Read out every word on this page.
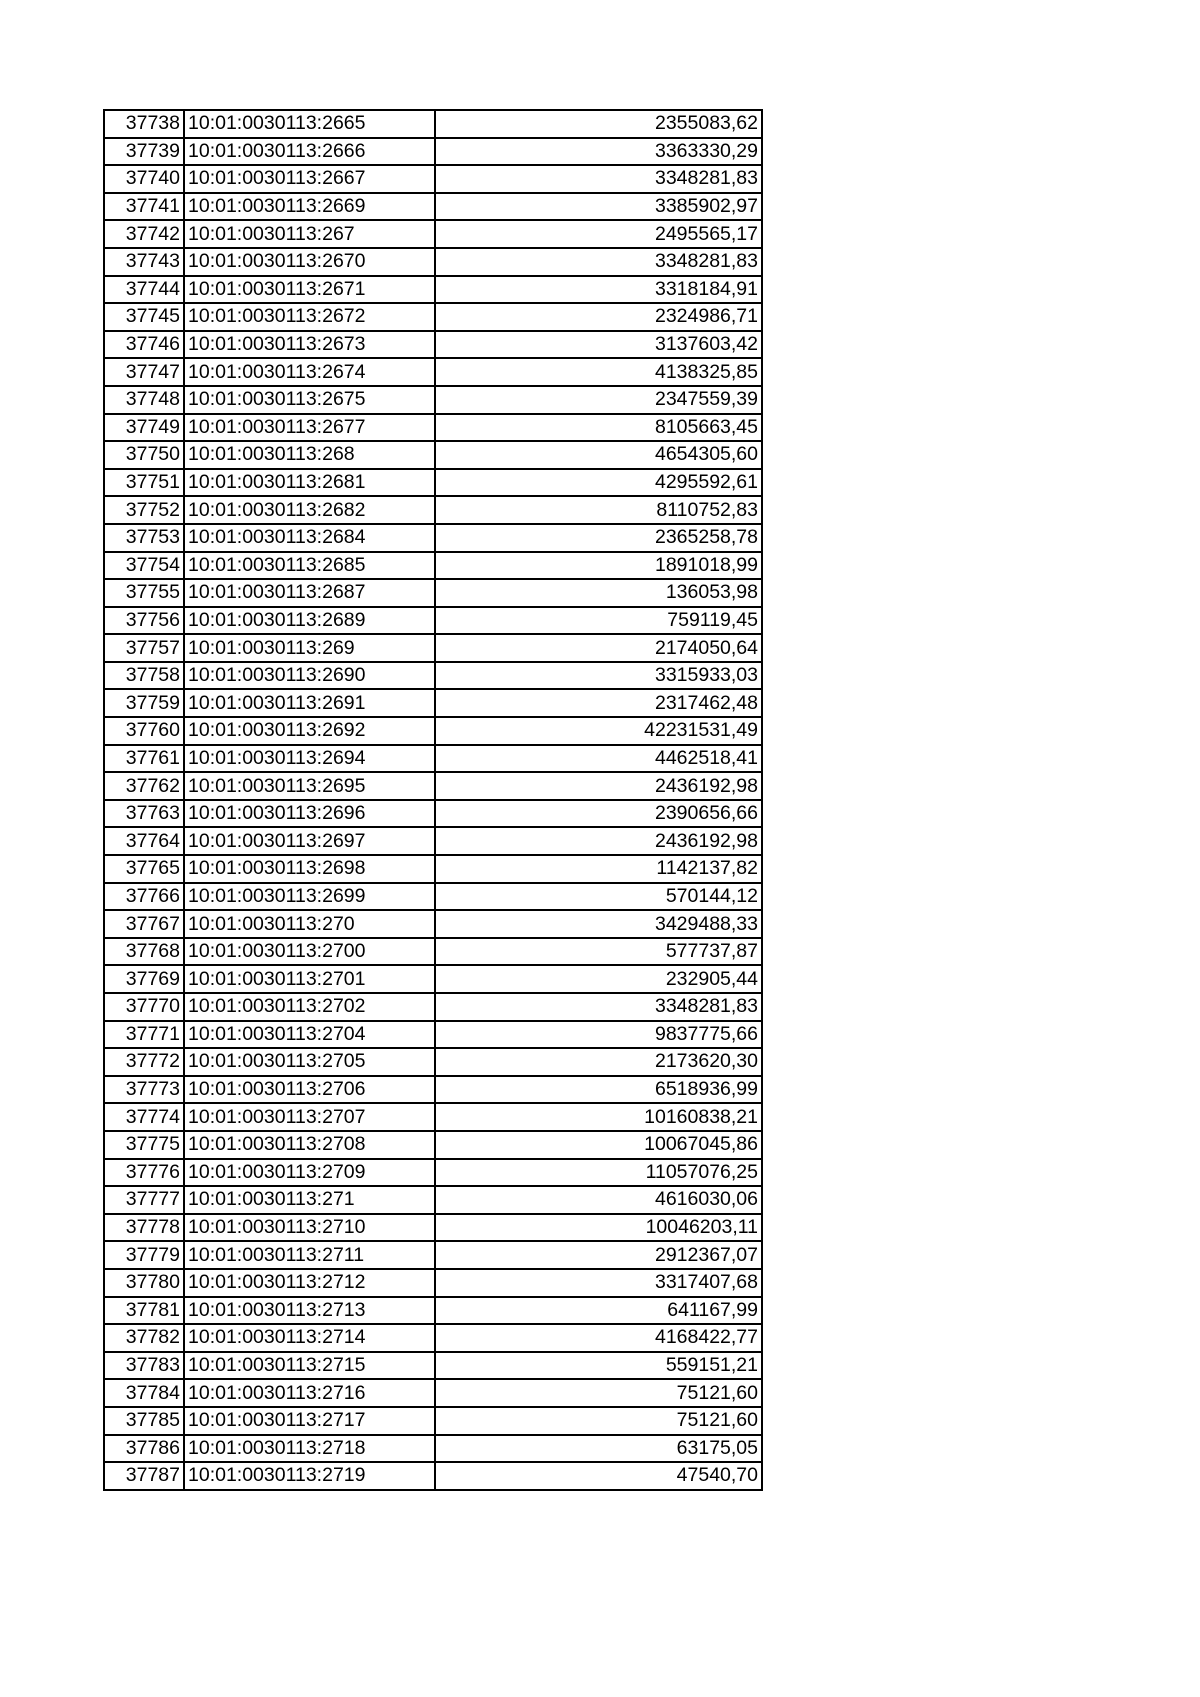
37738	10:01:0030113:2665	2355083,62
37739	10:01:0030113:2666	3363330,29
37740	10:01:0030113:2667	3348281,83
37741	10:01:0030113:2669	3385902,97
37742	10:01:0030113:267	2495565,17
37743	10:01:0030113:2670	3348281,83
37744	10:01:0030113:2671	3318184,91
37745	10:01:0030113:2672	2324986,71
37746	10:01:0030113:2673	3137603,42
37747	10:01:0030113:2674	4138325,85
37748	10:01:0030113:2675	2347559,39
37749	10:01:0030113:2677	8105663,45
37750	10:01:0030113:268	4654305,60
37751	10:01:0030113:2681	4295592,61
37752	10:01:0030113:2682	8110752,83
37753	10:01:0030113:2684	2365258,78
37754	10:01:0030113:2685	1891018,99
37755	10:01:0030113:2687	136053,98
37756	10:01:0030113:2689	759119,45
37757	10:01:0030113:269	2174050,64
37758	10:01:0030113:2690	3315933,03
37759	10:01:0030113:2691	2317462,48
37760	10:01:0030113:2692	42231531,49
37761	10:01:0030113:2694	4462518,41
37762	10:01:0030113:2695	2436192,98
37763	10:01:0030113:2696	2390656,66
37764	10:01:0030113:2697	2436192,98
37765	10:01:0030113:2698	1142137,82
37766	10:01:0030113:2699	570144,12
37767	10:01:0030113:270	3429488,33
37768	10:01:0030113:2700	577737,87
37769	10:01:0030113:2701	232905,44
37770	10:01:0030113:2702	3348281,83
37771	10:01:0030113:2704	9837775,66
37772	10:01:0030113:2705	2173620,30
37773	10:01:0030113:2706	6518936,99
37774	10:01:0030113:2707	10160838,21
37775	10:01:0030113:2708	10067045,86
37776	10:01:0030113:2709	11057076,25
37777	10:01:0030113:271	4616030,06
37778	10:01:0030113:2710	10046203,11
37779	10:01:0030113:2711	2912367,07
37780	10:01:0030113:2712	3317407,68
37781	10:01:0030113:2713	641167,99
37782	10:01:0030113:2714	4168422,77
37783	10:01:0030113:2715	559151,21
37784	10:01:0030113:2716	75121,60
37785	10:01:0030113:2717	75121,60
37786	10:01:0030113:2718	63175,05
37787	10:01:0030113:2719	47540,70
